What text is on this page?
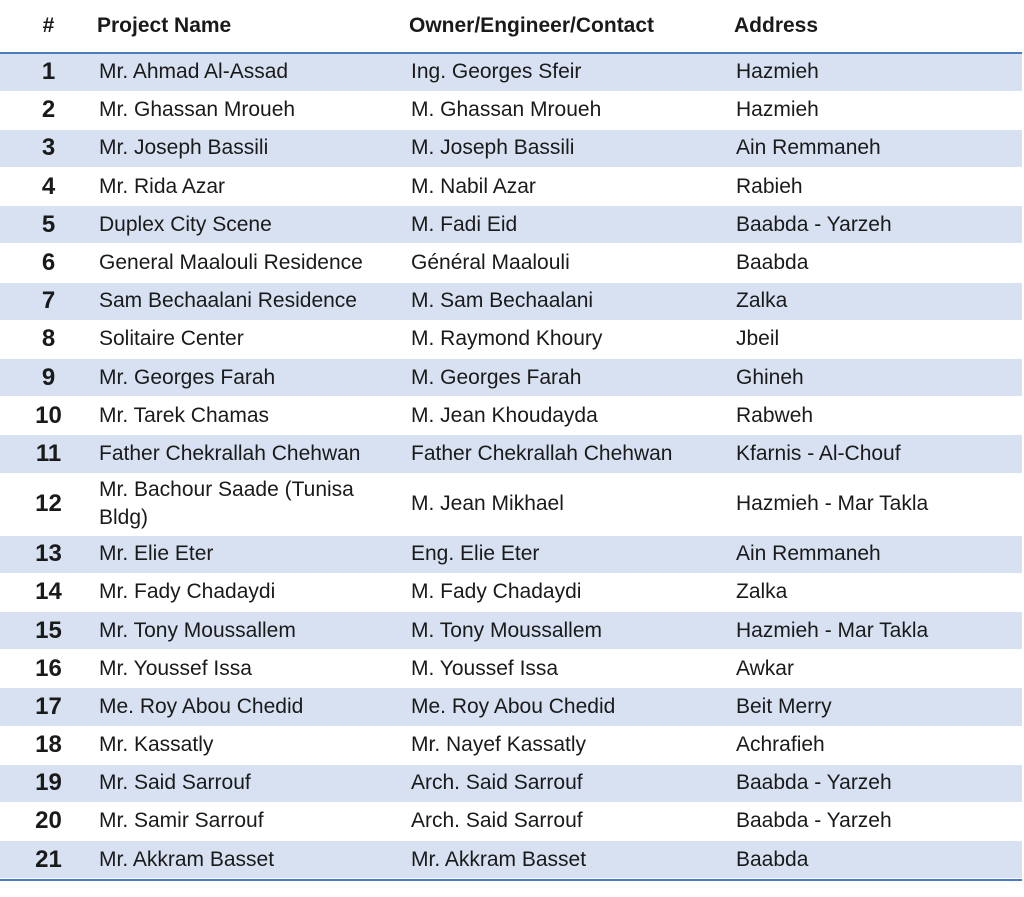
#	Project Name	Owner/Engineer/Contact	Address
1	Mr. Ahmad Al-Assad	Ing. Georges Sfeir	Hazmieh
2	Mr. Ghassan Mroueh	M. Ghassan Mroueh	Hazmieh
3	Mr. Joseph Bassili	M. Joseph Bassili	Ain Remmaneh
4	Mr. Rida Azar	M. Nabil Azar	Rabieh
5	Duplex City Scene	M. Fadi Eid	Baabda - Yarzeh
6	General Maalouli Residence	Général Maalouli	Baabda
7	Sam Bechaalani Residence	M. Sam Bechaalani	Zalka
8	Solitaire Center	M. Raymond Khoury	Jbeil
9	Mr. Georges Farah	M. Georges Farah	Ghineh
10	Mr. Tarek Chamas	M. Jean Khoudayda	Rabweh
11	Father Chekrallah Chehwan	Father Chekrallah Chehwan	Kfarnis - Al-Chouf
12	Mr. Bachour Saade (Tunisa Bldg)	M. Jean Mikhael	Hazmieh - Mar Takla
13	Mr. Elie Eter	Eng. Elie Eter	Ain Remmaneh
14	Mr. Fady Chadaydi	M. Fady Chadaydi	Zalka
15	Mr. Tony Moussallem	M. Tony Moussallem	Hazmieh - Mar Takla
16	Mr. Youssef Issa	M. Youssef Issa	Awkar
17	Me. Roy Abou Chedid	Me. Roy Abou Chedid	Beit Merry
18	Mr. Kassatly	Mr. Nayef Kassatly	Achrafieh
19	Mr. Said Sarrouf	Arch. Said Sarrouf	Baabda - Yarzeh
20	Mr. Samir Sarrouf	Arch. Said Sarrouf	Baabda - Yarzeh
21	Mr. Akkram Basset	Mr. Akkram Basset	Baabda
